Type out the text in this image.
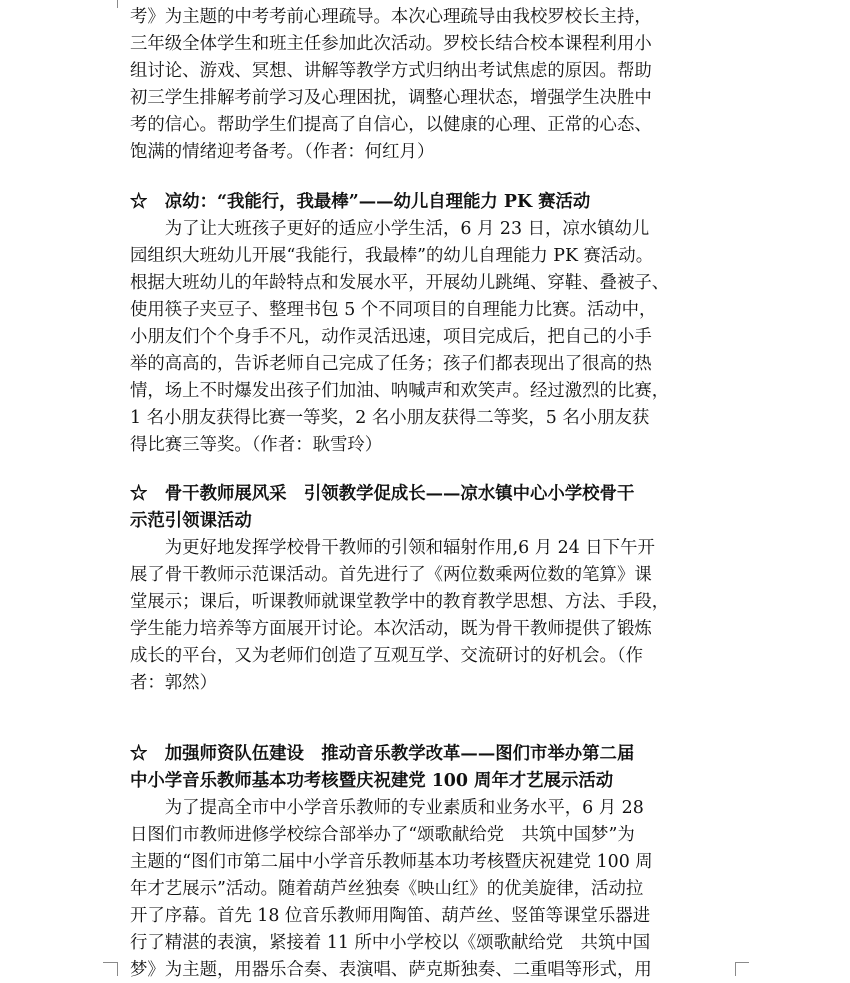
考》为主题的中考考前心理疏导。本次心理疏导由我校罗校长主持，
三年级全体学生和班主任参加此次活动。罗校长结合校本课程利用小
组讨论、游戏、冥想、讲解等教学方式归纳出考试焦虑的原因。帮助
初三学生排解考前学习及心理困扰，调整心理状态，增强学生决胜中
考的信心。帮助学生们提高了自信心，以健康的心理、正常的心态、
饱满的情绪迎考备考。（作者：何红月）
☆　凉幼：“我能行，我最棒”——幼儿自理能力 PK 赛活动
　　为了让大班孩子更好的适应小学生活，6 月 23 日，凉水镇幼儿
园组织大班幼儿开展“我能行，我最棒”的幼儿自理能力 PK 赛活动。
根据大班幼儿的年龄特点和发展水平，开展幼儿跳绳、穿鞋、叠被子、
使用筷子夹豆子、整理书包 5 个不同项目的自理能力比赛。活动中，
小朋友们个个身手不凡，动作灵活迅速，项目完成后，把自己的小手
举的高高的，告诉老师自己完成了任务；孩子们都表现出了很高的热
情，场上不时爆发出孩子们加油、呐喊声和欢笑声。经过激烈的比赛，
1 名小朋友获得比赛一等奖，2 名小朋友获得二等奖，5 名小朋友获
得比赛三等奖。（作者：耿雪玲）
☆　骨干教师展风采　引领教学促成长——凉水镇中心小学校骨干
示范引领课活动
　　为更好地发挥学校骨干教师的引领和辐射作用,6 月 24 日下午开
展了骨干教师示范课活动。首先进行了《两位数乘两位数的笔算》课
堂展示；课后，听课教师就课堂教学中的教育教学思想、方法、手段，
学生能力培养等方面展开讨论。本次活动，既为骨干教师提供了锻炼
成长的平台，又为老师们创造了互观互学、交流研讨的好机会。（作
者：郭然）
☆　加强师资队伍建设　推动音乐教学改革——图们市举办第二届
中小学音乐教师基本功考核暨庆祝建党 100 周年才艺展示活动
　　为了提高全市中小学音乐教师的专业素质和业务水平，6 月 28
日图们市教师进修学校综合部举办了“颂歌献给党　共筑中国梦”为
主题的“图们市第二届中小学音乐教师基本功考核暨庆祝建党 100 周
年才艺展示”活动。随着葫芦丝独奏《映山红》的优美旋律，活动拉
开了序幕。首先 18 位音乐教师用陶笛、葫芦丝、竖笛等课堂乐器进
行了精湛的表演，紧接着 11 所中小学校以《颂歌献给党　共筑中国
梦》为主题，用器乐合奏、表演唱、萨克斯独奏、二重唱等形式，用
